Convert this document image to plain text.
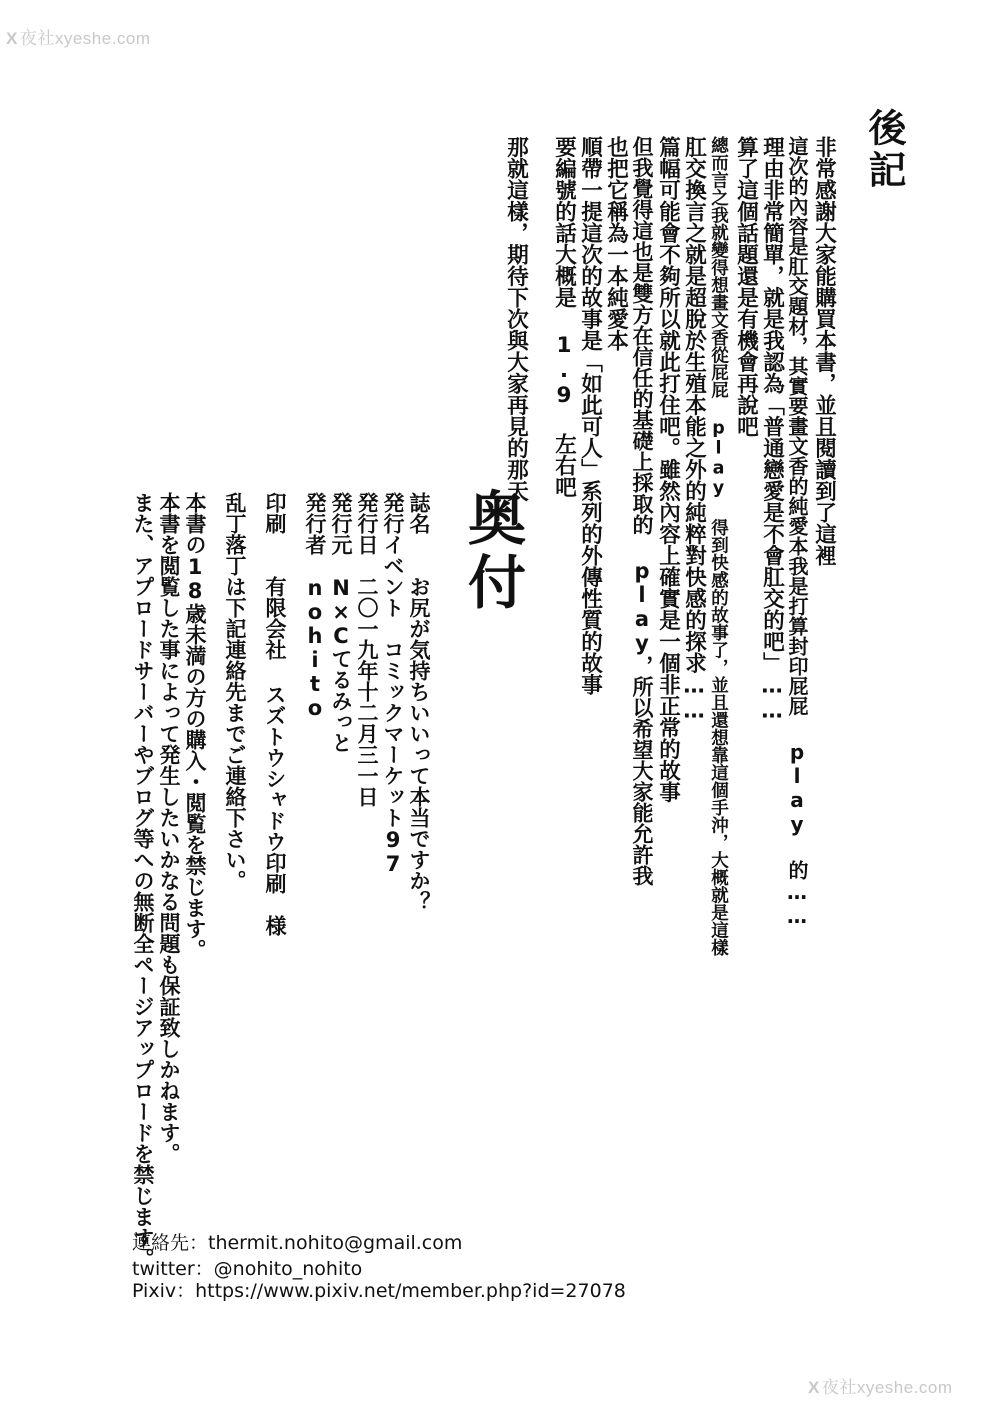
X 夜社xyeshe.com
X 夜社xyeshe.com
後記
非常感謝大家能購買本書，並且閱讀到了這裡
這次的內容是肛交題材，其實要畫文香的純愛本我是打算封印屁屁 play 的……
理由非常簡單，就是我認為「普通戀愛是不會肛交的吧」……
算了這個話題還是有機會再說吧
總而言之我就變得想畫文香從屁屁 play 得到快感的故事了，並且還想靠這個手沖，大概就是這樣
肛交換言之就是超脫於生殖本能之外的純粹對快感的探求……
篇幅可能會不夠所以就此打住吧。雖然內容上確實是一個非正常的故事
但我覺得這也是雙方在信任的基礎上採取的 play，所以希望大家能允許我
也把它稱為一本純愛本
順帶一提這次的故事是「如此可人」系列的外傳性質的故事
要編號的話大概是 1.9 左右吧
那就這樣，期待下次與大家再見的那天
奥付
誌名　　お尻が気持ちいいって本当ですか？
発行イベント　コミックマーケット97
発行日　二〇一九年十二月三一日
発行元　N×Cてるみっと
発行者　nohito
印刷　　有限会社 スズトウシャドウ印刷　様
乱丁落丁は下記連絡先までご連絡下さい。
本書の18歳未満の方の購入・閲覧を禁じます。
本書を閲覧した事によって発生したいかなる問題も保証致しかねます。
また、アプロードサーバーやブログ等への無断全ページアップロードを禁じます。
連絡先：thermit.nohito@gmail.com
twitter：@nohito_nohito
Pixiv：https://www.pixiv.net/member.php?id=27078
